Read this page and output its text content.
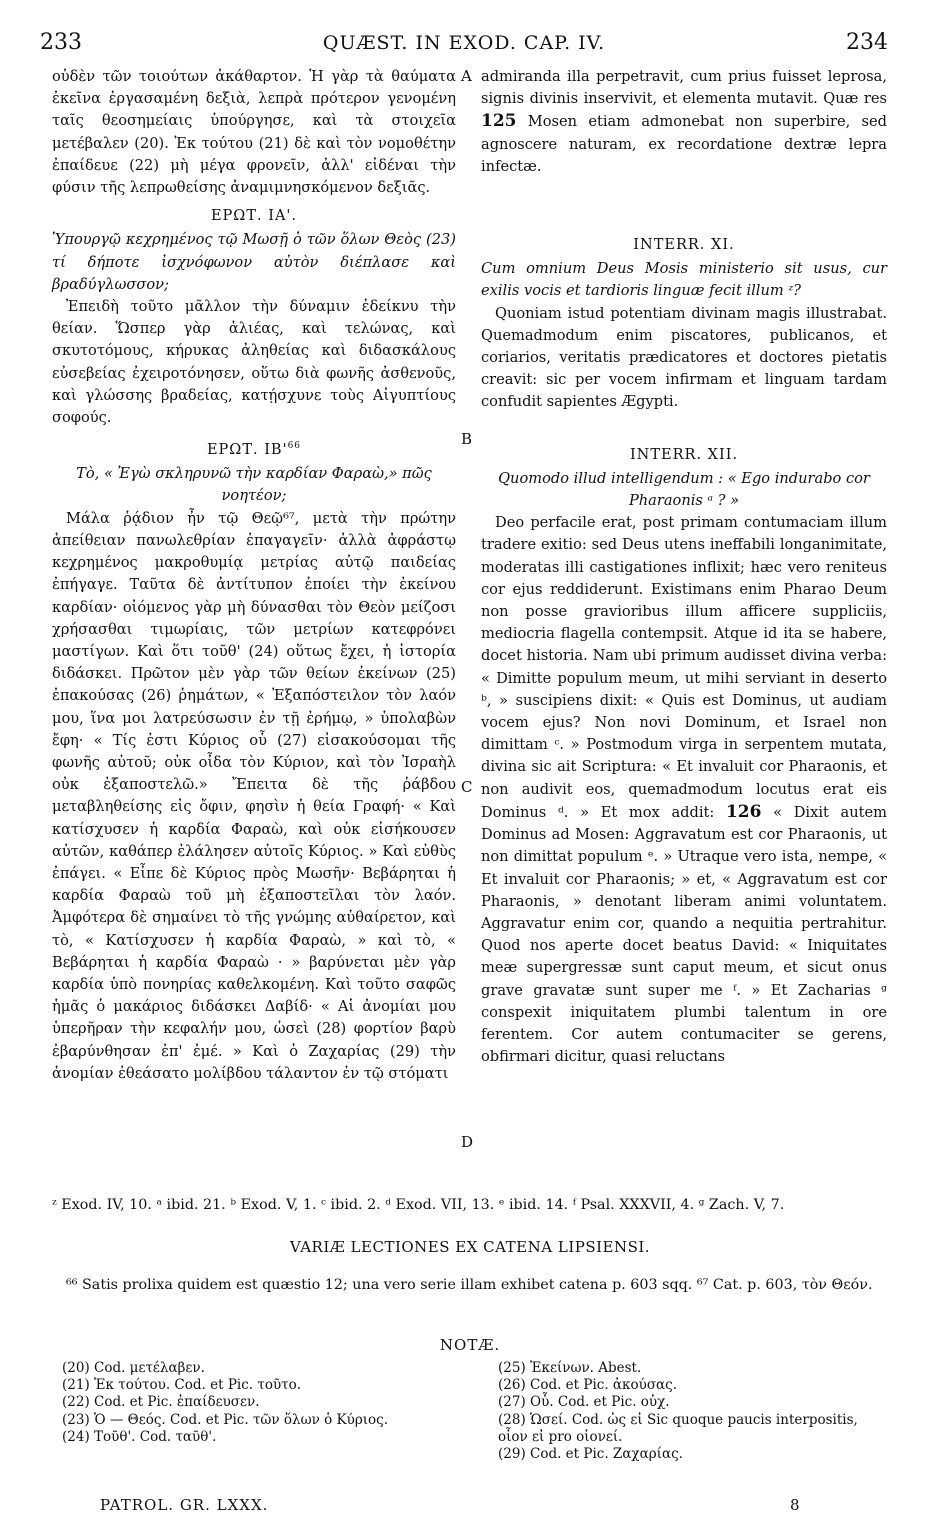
233	QUÆST. IN EXOD. CAP. IV.	234

οὐδὲν τῶν τοιούτων ἀκάθαρτον. Ἡ γὰρ τὰ θαύματα ἐκεῖνα ἐργασαμένη δεξιὰ, λεπρὰ πρότερον γενομένη ταῖς θεοσημείαις ὑπούργησε, καὶ τὰ στοιχεῖα μετέβαλεν (20). Ἐκ τούτου (21) δὲ καὶ τὸν νομοθέτην ἐπαίδευε (22) μὴ μέγα φρονεῖν, ἀλλ' εἰδέναι τὴν φύσιν τῆς λεπρωθείσης ἀναμιμνησκόμενον δεξιᾶς.

ΕΡΩΤ. ΙΑ'.

Ὑπουργῷ κεχρημένος τῷ Μωσῇ ὁ τῶν ὅλων Θεὸς (23) τί δήποτε ἰσχνόφωνον αὐτὸν διέπλασε καὶ βραδύγλωσσον;

Ἐπειδὴ τοῦτο μᾶλλον τὴν δύναμιν ἐδείκνυ τὴν θείαν. Ὥσπερ γὰρ ἁλιέας, καὶ τελώνας, καὶ σκυτοτόμους, κήρυκας ἀληθείας καὶ διδασκάλους εὐσεβείας ἐχειροτόνησεν, οὕτω διὰ φωνῆς ἀσθενοῦς, καὶ γλώσσης βραδείας, κατῄσχυνε τοὺς Αἰγυπτίους σοφούς.

ΕΡΩΤ. $IB'^{66}$

Τὸ, « Ἐγὼ σκληρυνῶ τὴν καρδίαν Φαραὼ,» πῶς νοητέον;

Μάλα ῥᾴδιον ἦν τῷ Θεῷ⁶⁷, μετὰ τὴν πρώτην ἀπείθειαν πανωλεθρίαν ἐπαγαγεῖν· ἀλλὰ ἀφράστῳ κεχρημένος μακροθυμίᾳ μετρίας αὐτῷ παιδείας ἐπήγαγε. Ταῦτα δὲ ἀντίτυπον ἐποίει τὴν ἐκείνου καρδίαν· οἰόμενος γὰρ μὴ δύνασθαι τὸν Θεὸν μείζοσι χρήσασθαι τιμωρίαις, τῶν μετρίων κατεφρόνει μαστίγων. Καὶ ὅτι τοῦθ' (24) οὕτως ἔχει, ἡ ἱστορία διδάσκει. Πρῶτον μὲν γὰρ τῶν θείων ἐκείνων (25) ἐπακούσας (26) ῥημάτων, « Ἐξαπόστειλον τὸν λαόν μου, ἵνα μοι λατρεύσωσιν ἐν τῇ ἐρήμῳ, » ὑπολαβὼν ἔφη· « Τίς ἐστι Κύριος οὗ (27) εἰσακούσομαι τῆς φωνῆς αὐτοῦ; οὐκ οἶδα τὸν Κύριον, καὶ τὸν Ἰσραὴλ οὐκ ἐξαποστελῶ.» Ἔπειτα δὲ τῆς ῥάβδου μεταβληθείσης εἰς ὄφιν, φησὶν ἡ θεία Γραφή· « Καὶ κατίσχυσεν ἡ καρδία Φαραὼ, καὶ οὐκ εἰσήκουσεν αὐτῶν, καθάπερ ἐλάλησεν αὐτοῖς Κύριος. » Καὶ εὐθὺς ἐπάγει. « Εἶπε δὲ Κύριος πρὸς Μωσῆν· Βεβάρηται ἡ καρδία Φαραὼ τοῦ μὴ ἐξαποστεῖλαι τὸν λαόν. Ἀμφότερα δὲ σημαίνει τὸ τῆς γνώμης αὐθαίρετον, καὶ τὸ, « Κατίσχυσεν ἡ καρδία Φαραὼ, » καὶ τὸ, « Βεβάρηται ἡ καρδία Φαραὼ · » βαρύνεται μὲν γὰρ καρδία ὑπὸ πονηρίας καθελκομένη. Καὶ τοῦτο σαφῶς ἡμᾶς ὁ μακάριος διδάσκει Δαβίδ· « Αἱ ἀνομίαι μου ὑπερῆραν τὴν κεφαλήν μου, ὡσεὶ (28) φορτίον βαρὺ ἐβαρύνθησαν ἐπ' ἐμέ. » Καὶ ὁ Ζαχαρίας (29) τὴν ἀνομίαν ἐθεάσατο μολίβδου τάλαντον ἐν τῷ στόματι

A
B
C
D

admiranda illa perpetravit, cum prius fuisset leprosa, signis divinis inservivit, et elementa mutavit. Quæ res 125 Mosen etiam admonebat non superbire, sed agnoscere naturam, ex recordatione dextræ lepra infectæ.

INTERR. XI.

Cum omnium Deus Mosis ministerio sit usus, cur exilis vocis et tardioris linguæ fecit illum ᶻ?

Quoniam istud potentiam divinam magis illustrabat. Quemadmodum enim piscatores, publicanos, et coriarios, veritatis prædicatores et doctores pietatis creavit: sic per vocem infirmam et linguam tardam confudit sapientes Ægypti.

INTERR. XII.

Quomodo illud intelligendum : « Ego indurabo cor Pharaonis ᵃ ? »

Deo perfacile erat, post primam contumaciam illum tradere exitio: sed Deus utens ineffabili longanimitate, moderatas illi castigationes inflixit; hæc vero reniteus cor ejus reddiderunt. Existimans enim Pharao Deum non posse gravioribus illum afficere suppliciis, mediocria flagella contempsit. Atque id ita se habere, docet historia. Nam ubi primum audisset divina verba: « Dimitte populum meum, ut mihi serviant in deserto ᵇ, » suscipiens dixit: « Quis est Dominus, ut audiam vocem ejus? Non novi Dominum, et Israel non dimittam ᶜ. » Postmodum virga in serpentem mutata, divina sic ait Scriptura: « Et invaluit cor Pharaonis, et non audivit eos, quemadmodum locutus erat eis Dominus ᵈ. » Et mox addit: 126 « Dixit autem Dominus ad Mosen: Aggravatum est cor Pharaonis, ut non dimittat populum ᵉ. » Utraque vero ista, nempe, « Et invaluit cor Pharaonis; » et, « Aggravatum est cor Pharaonis, » denotant liberam animi voluntatem. Aggravatur enim cor, quando a nequitia pertrahitur. Quod nos aperte docet beatus David: « Iniquitates meæ supergressæ sunt caput meum, et sicut onus grave gravatæ sunt super me ᶠ. » Et Zacharias ᵍ conspexit iniquitatem plumbi talentum in ore ferentem. Cor autem contumaciter se gerens, obfirmari dicitur, quasi reluctans

ᶻ Exod. IV, 10. ᵃ ibid. 21. ᵇ Exod. V, 1. ᶜ ibid. 2. ᵈ Exod. VII, 13. ᵉ ibid. 14. ᶠ Psal. XXXVII, 4. ᵍ Zach. V, 7.
VARIÆ LECTIONES EX CATENA LIPSIENSI.
⁶⁶ Satis prolixa quidem est quæstio 12; una vero serie illam exhibet catena p. 603 sqq. ⁶⁷ Cat. p. 603, τὸν Θεόν.
NOTÆ.
(20) Cod. μετέλαβεν.
(21) Ἐκ τούτου. Cod. et Pic. τοῦτο.
(22) Cod. et Pic. ἐπαίδευσεν.
(23) Ὁ — Θεός. Cod. et Pic. τῶν ὅλων ὁ Κύριος.
(24) Τοῦθ'. Cod. ταῦθ'.
(25) Ἐκείνων. Abest.
(26) Cod. et Pic. ἀκούσας.
(27) Οὗ. Cod. et Pic. οὐχ.
(28) Ὡσεί. Cod. ὡς εἰ Sic quoque paucis interpositis, οἷον εἰ pro οἱονεί.
(29) Cod. et Pic. Ζαχαρίας.
PATROL. GR. LXXX.	8
